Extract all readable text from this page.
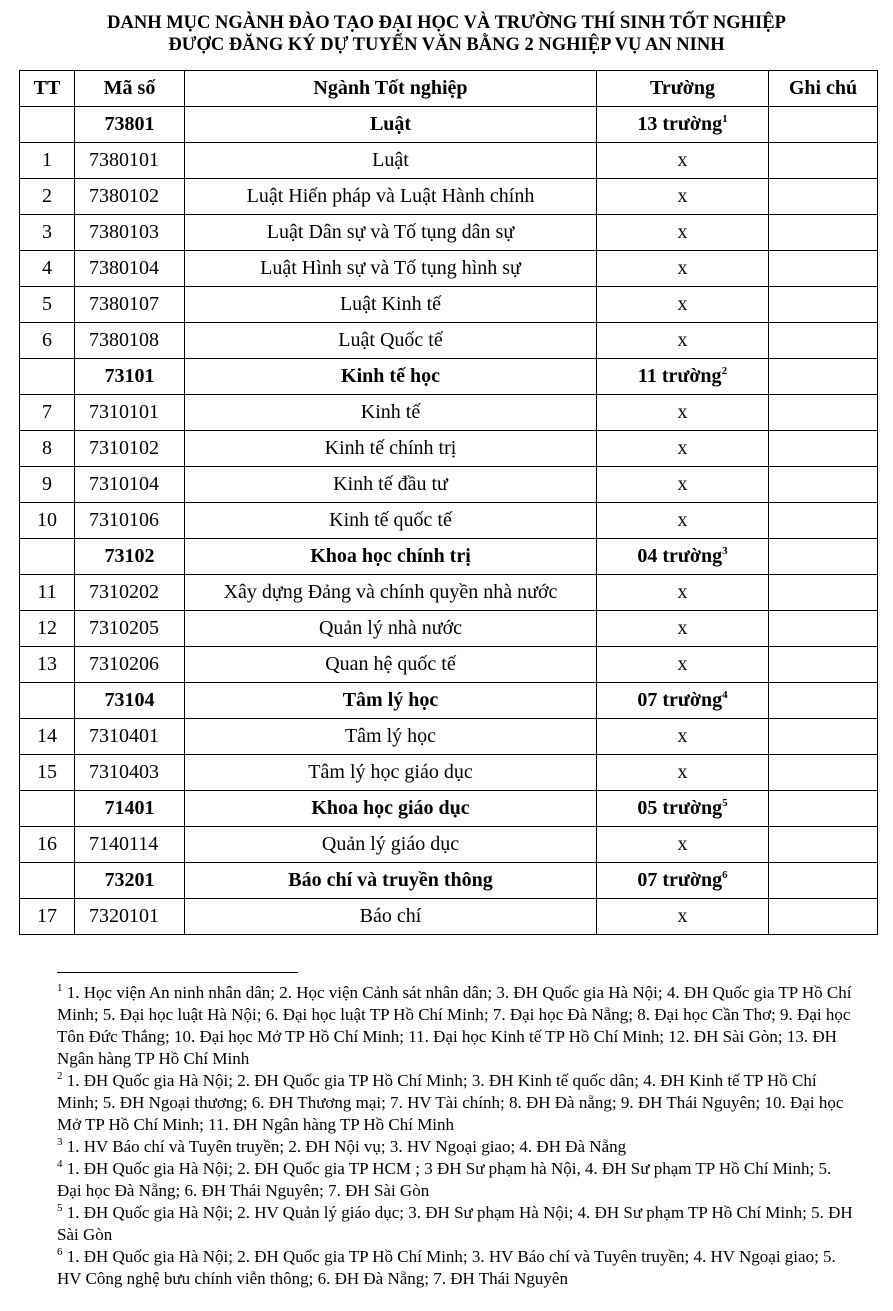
DANH MỤC NGÀNH ĐÀO TẠO ĐẠI HỌC VÀ TRƯỜNG THÍ SINH TỐT NGHIỆP
ĐƯỢC ĐĂNG KÝ DỰ TUYỂN VĂN BẰNG 2 NGHIỆP VỤ AN NINH
TT	Mã số	Ngành Tốt nghiệp	Trường	Ghi chú
	73801	Luật	13 trường$^1$	
1	7380101	Luật	x	
2	7380102	Luật Hiến pháp và Luật Hành chính	x	
3	7380103	Luật Dân sự và Tố tụng dân sự	x	
4	7380104	Luật Hình sự và Tố tụng hình sự	x	
5	7380107	Luật Kinh tế	x	
6	7380108	Luật Quốc tế	x	
	73101	Kinh tế học	11 trường$^2$	
7	7310101	Kinh tế	x	
8	7310102	Kinh tế chính trị	x	
9	7310104	Kinh tế đầu tư	x	
10	7310106	Kinh tế quốc tế	x	
	73102	Khoa học chính trị	04 trường$^3$	
11	7310202	Xây dựng Đảng và chính quyền nhà nước	x	
12	7310205	Quản lý nhà nước	x	
13	7310206	Quan hệ quốc tế	x	
	73104	Tâm lý học	07 trường$^4$	
14	7310401	Tâm lý học	x	
15	7310403	Tâm lý học giáo dục	x	
	71401	Khoa học giáo dục	05 trường$^5$	
16	7140114	Quản lý giáo dục	x	
	73201	Báo chí và truyền thông	07 trường$^6$	
17	7320101	Báo chí	x	

$^1$ 1. Học viện An ninh nhân dân; 2. Học viện Cảnh sát nhân dân; 3. ĐH Quốc gia Hà Nội; 4. ĐH Quốc gia TP Hồ Chí Minh; 5. Đại học luật Hà Nội; 6. Đại học luật TP Hồ Chí Minh; 7. Đại học Đà Nẵng; 8. Đại học Cần Thơ; 9. Đại học Tôn Đức Thắng; 10. Đại học Mở TP Hồ Chí Minh; 11. Đại học Kinh tế TP Hồ Chí Minh; 12. ĐH Sài Gòn; 13. ĐH Ngân hàng TP Hồ Chí Minh

$^2$ 1. ĐH Quốc gia Hà Nội; 2. ĐH Quốc gia TP Hồ Chí Minh; 3. ĐH Kinh tế quốc dân; 4. ĐH Kinh tế TP Hồ Chí Minh; 5. ĐH Ngoại thương; 6. ĐH Thương mại; 7. HV Tài chính; 8. ĐH Đà nẵng; 9. ĐH Thái Nguyên; 10. Đại học Mở TP Hồ Chí Minh; 11. ĐH Ngân hàng TP Hồ Chí Minh

$^3$ 1. HV Báo chí và Tuyên truyền; 2. ĐH Nội vụ; 3. HV Ngoại giao; 4. ĐH Đà Nẵng

$^4$ 1. ĐH Quốc gia Hà Nội; 2. ĐH Quốc gia TP HCM ; 3 ĐH Sư phạm hà Nội, 4. ĐH Sư phạm TP Hồ Chí Minh; 5. Đại học Đà Nẵng; 6. ĐH Thái Nguyên; 7. ĐH Sài Gòn

$^5$ 1. ĐH Quốc gia Hà Nội; 2. HV Quản lý giáo dục; 3. ĐH Sư phạm Hà Nội; 4. ĐH Sư phạm TP Hồ Chí Minh; 5. ĐH Sài Gòn

$^6$ 1. ĐH Quốc gia Hà Nội; 2. ĐH Quốc gia TP Hồ Chí Minh; 3. HV Báo chí và Tuyên truyền; 4. HV Ngoại giao; 5. HV Công nghệ bưu chính viễn thông; 6. ĐH Đà Nẵng; 7. ĐH Thái Nguyên
